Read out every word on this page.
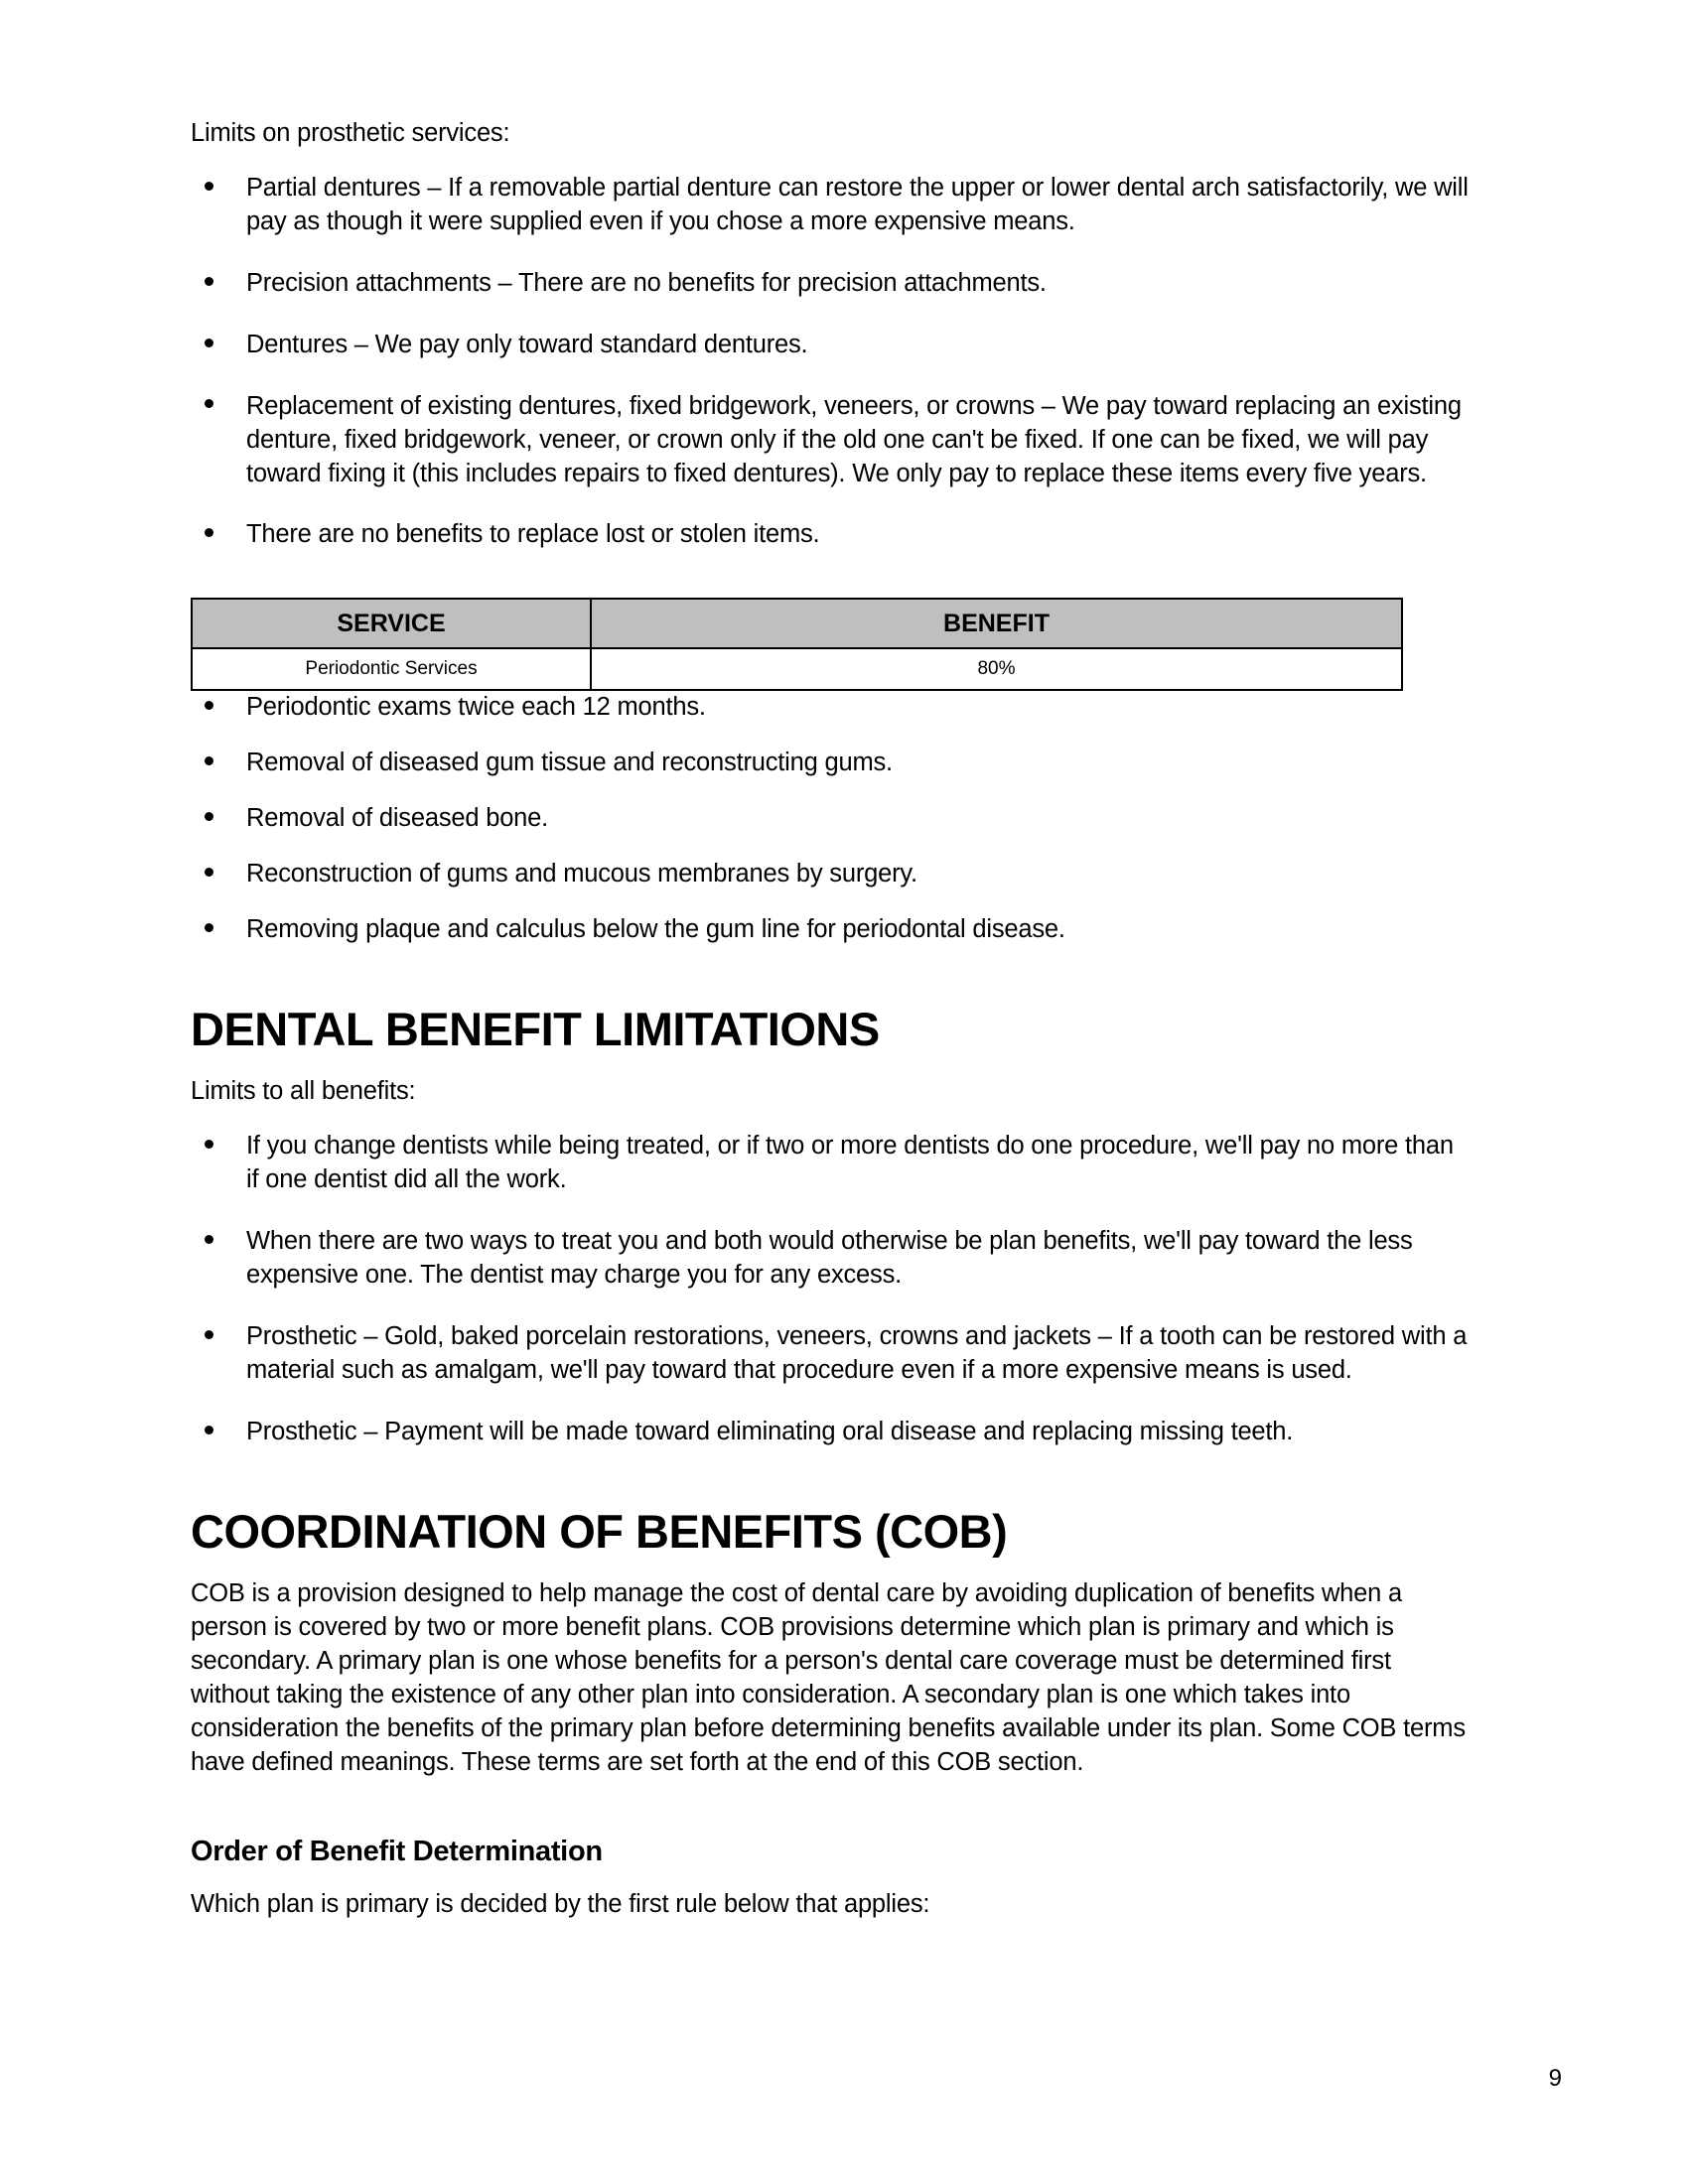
Limits on prosthetic services:

Partial dentures – If a removable partial denture can restore the upper or lower dental arch satisfactorily, we will pay as though it were supplied even if you chose a more expensive means.
Precision attachments – There are no benefits for precision attachments.
Dentures – We pay only toward standard dentures.
Replacement of existing dentures, fixed bridgework, veneers, or crowns – We pay toward replacing an existing denture, fixed bridgework, veneer, or crown only if the old one can't be fixed. If one can be fixed, we will pay toward fixing it (this includes repairs to fixed dentures). We only pay to replace these items every five years.
There are no benefits to replace lost or stolen items.
SERVICE	BENEFIT
Periodontic Services	80%
Periodontic exams twice each 12 months.
Removal of diseased gum tissue and reconstructing gums.
Removal of diseased bone.
Reconstruction of gums and mucous membranes by surgery.
Removing plaque and calculus below the gum line for periodontal disease.
DENTAL BENEFIT LIMITATIONS

Limits to all benefits:

If you change dentists while being treated, or if two or more dentists do one procedure, we'll pay no more than if one dentist did all the work.
When there are two ways to treat you and both would otherwise be plan benefits, we'll pay toward the less expensive one. The dentist may charge you for any excess.
Prosthetic – Gold, baked porcelain restorations, veneers, crowns and jackets – If a tooth can be restored with a material such as amalgam, we'll pay toward that procedure even if a more expensive means is used.
Prosthetic – Payment will be made toward eliminating oral disease and replacing missing teeth.
COORDINATION OF BENEFITS (COB)

COB is a provision designed to help manage the cost of dental care by avoiding duplication of benefits when a person is covered by two or more benefit plans. COB provisions determine which plan is primary and which is secondary. A primary plan is one whose benefits for a person's dental care coverage must be determined first without taking the existence of any other plan into consideration. A secondary plan is one which takes into consideration the benefits of the primary plan before determining benefits available under its plan. Some COB terms have defined meanings. These terms are set forth at the end of this COB section.

Order of Benefit Determination

Which plan is primary is decided by the first rule below that applies:

9
